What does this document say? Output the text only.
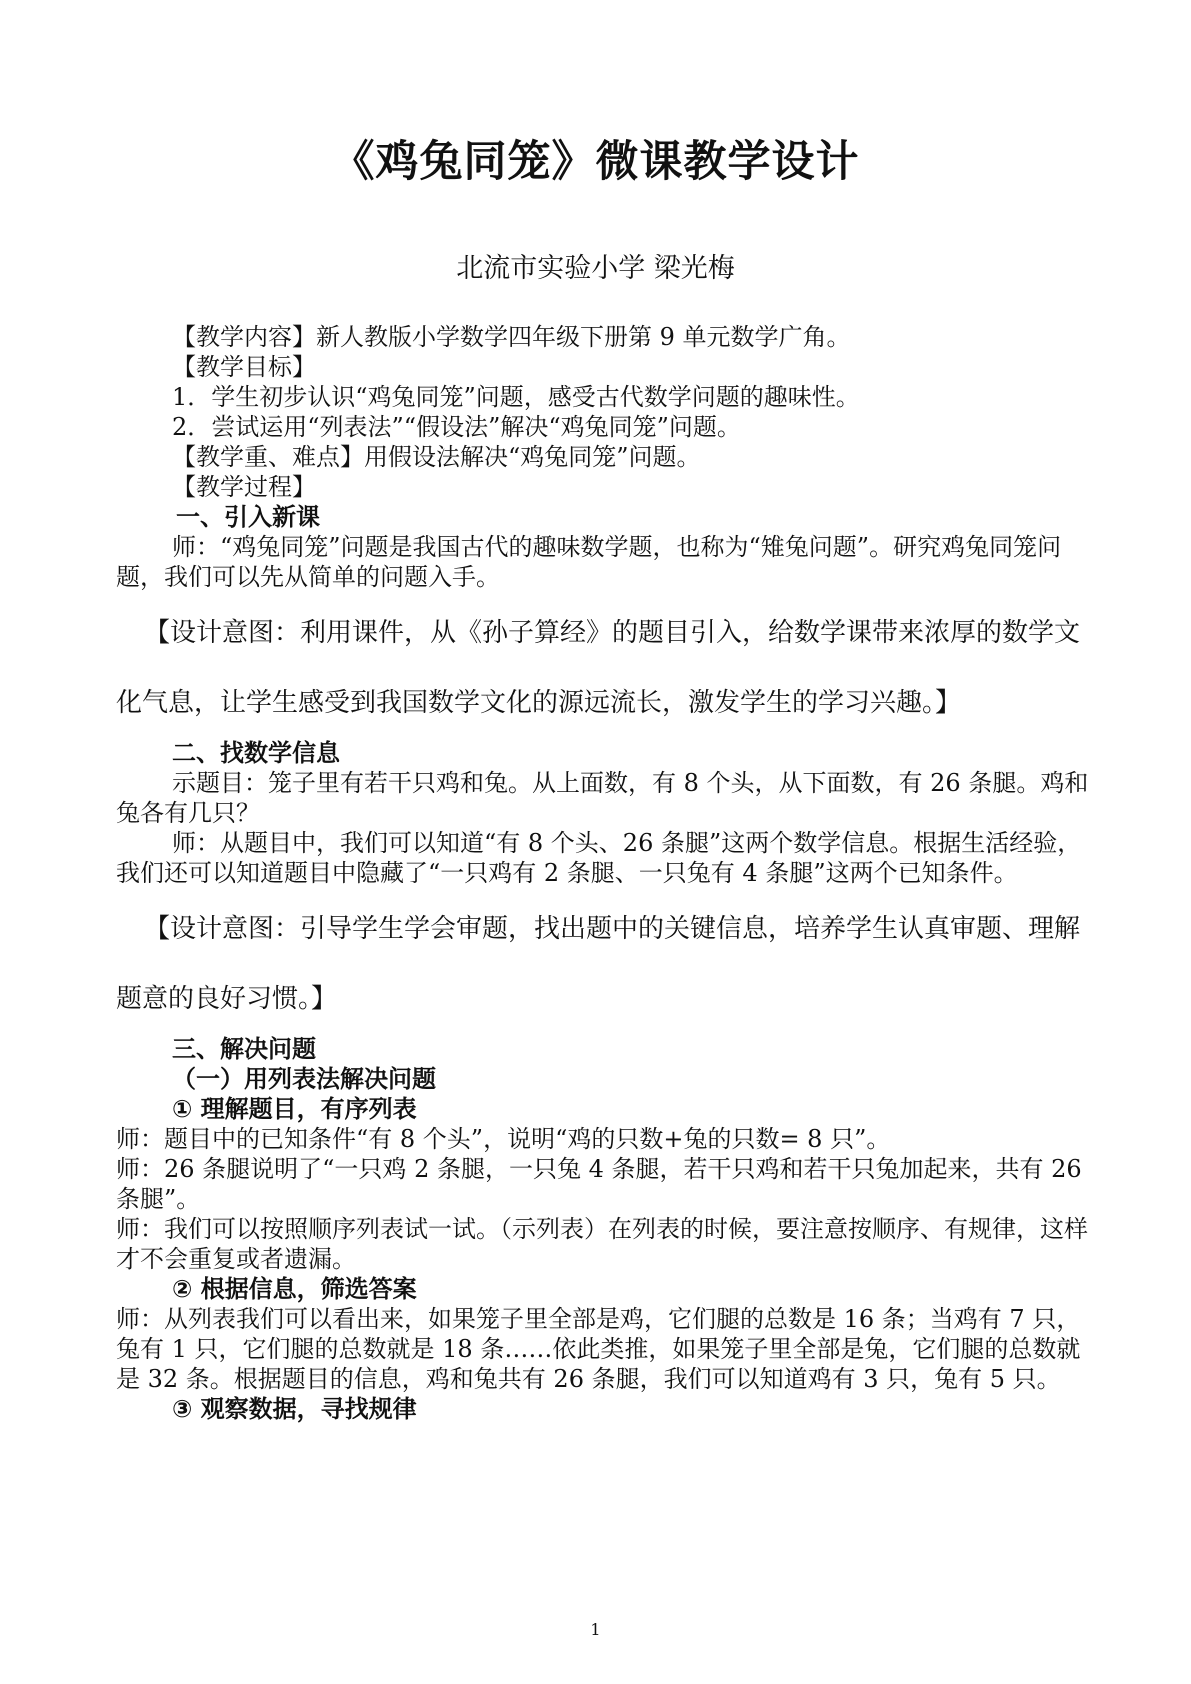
《鸡兔同笼》微课教学设计
北流市实验小学 梁光梅

【教学内容】新人教版小学数学四年级下册第 9 单元数学广角。

【教学目标】

1．学生初步认识“鸡兔同笼”问题，感受古代数学问题的趣味性。

2．尝试运用“列表法”“假设法”解决“鸡兔同笼”问题。

【教学重、难点】用假设法解决“鸡兔同笼”问题。

【教学过程】

一、引入新课

师：“鸡兔同笼”问题是我国古代的趣味数学题，也称为“雉兔问题”。研究鸡兔同笼问题，我们可以先从简单的问题入手。

【设计意图：利用课件，从《孙子算经》的题目引入，给数学课带来浓厚的数学文化气息，让学生感受到我国数学文化的源远流长，激发学生的学习兴趣。】

二、找数学信息

示题目：笼子里有若干只鸡和兔。从上面数，有 8 个头，从下面数，有 26 条腿。鸡和兔各有几只？

师：从题目中，我们可以知道“有 8 个头、26 条腿”这两个数学信息。根据生活经验，我们还可以知道题目中隐藏了“一只鸡有 2 条腿、一只兔有 4 条腿”这两个已知条件。

【设计意图：引导学生学会审题，找出题中的关键信息，培养学生认真审题、理解题意的良好习惯。】

三、解决问题

（一）用列表法解决问题

① 理解题目，有序列表

师：题目中的已知条件“有 8 个头”，说明“鸡的只数+兔的只数= 8 只”。

师：26 条腿说明了“一只鸡 2 条腿，一只兔 4 条腿，若干只鸡和若干只兔加起来，共有 26 条腿”。

师：我们可以按照顺序列表试一试。（示列表）在列表的时候，要注意按顺序、有规律，这样才不会重复或者遗漏。

② 根据信息，筛选答案

师：从列表我们可以看出来，如果笼子里全部是鸡，它们腿的总数是 16 条；当鸡有 7 只，兔有 1 只，它们腿的总数就是 18 条……依此类推，如果笼子里全部是兔，它们腿的总数就是 32 条。根据题目的信息，鸡和兔共有 26 条腿，我们可以知道鸡有 3 只，兔有 5 只。

③ 观察数据，寻找规律

1
